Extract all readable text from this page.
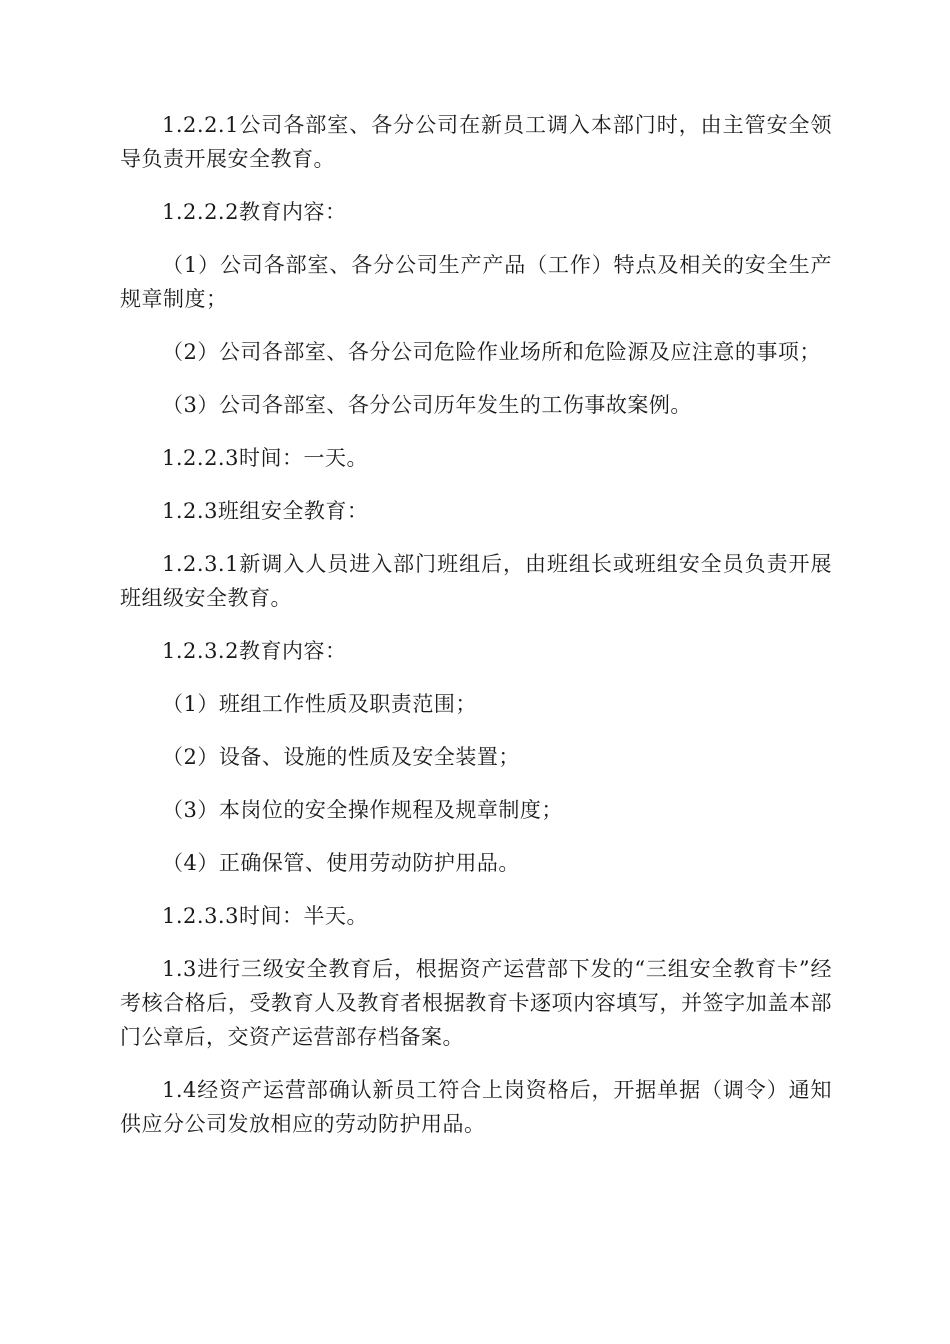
1.2.2.1公司各部室、各分公司在新员工调入本部门时，由主管安全领导负责开展安全教育。

1.2.2.2教育内容：

（1）公司各部室、各分公司生产产品（工作）特点及相关的安全生产规章制度；

（2）公司各部室、各分公司危险作业场所和危险源及应注意的事项；

（3）公司各部室、各分公司历年发生的工伤事故案例。

1.2.2.3时间：一天。

1.2.3班组安全教育：

1.2.3.1新调入人员进入部门班组后，由班组长或班组安全员负责开展班组级安全教育。

1.2.3.2教育内容：

（1）班组工作性质及职责范围；

（2）设备、设施的性质及安全装置；

（3）本岗位的安全操作规程及规章制度；

（4）正确保管、使用劳动防护用品。

1.2.3.3时间：半天。

1.3进行三级安全教育后，根据资产运营部下发的“三组安全教育卡”经考核合格后，受教育人及教育者根据教育卡逐项内容填写，并签字加盖本部门公章后，交资产运营部存档备案。

1.4经资产运营部确认新员工符合上岗资格后，开据单据（调令）通知供应分公司发放相应的劳动防护用品。
